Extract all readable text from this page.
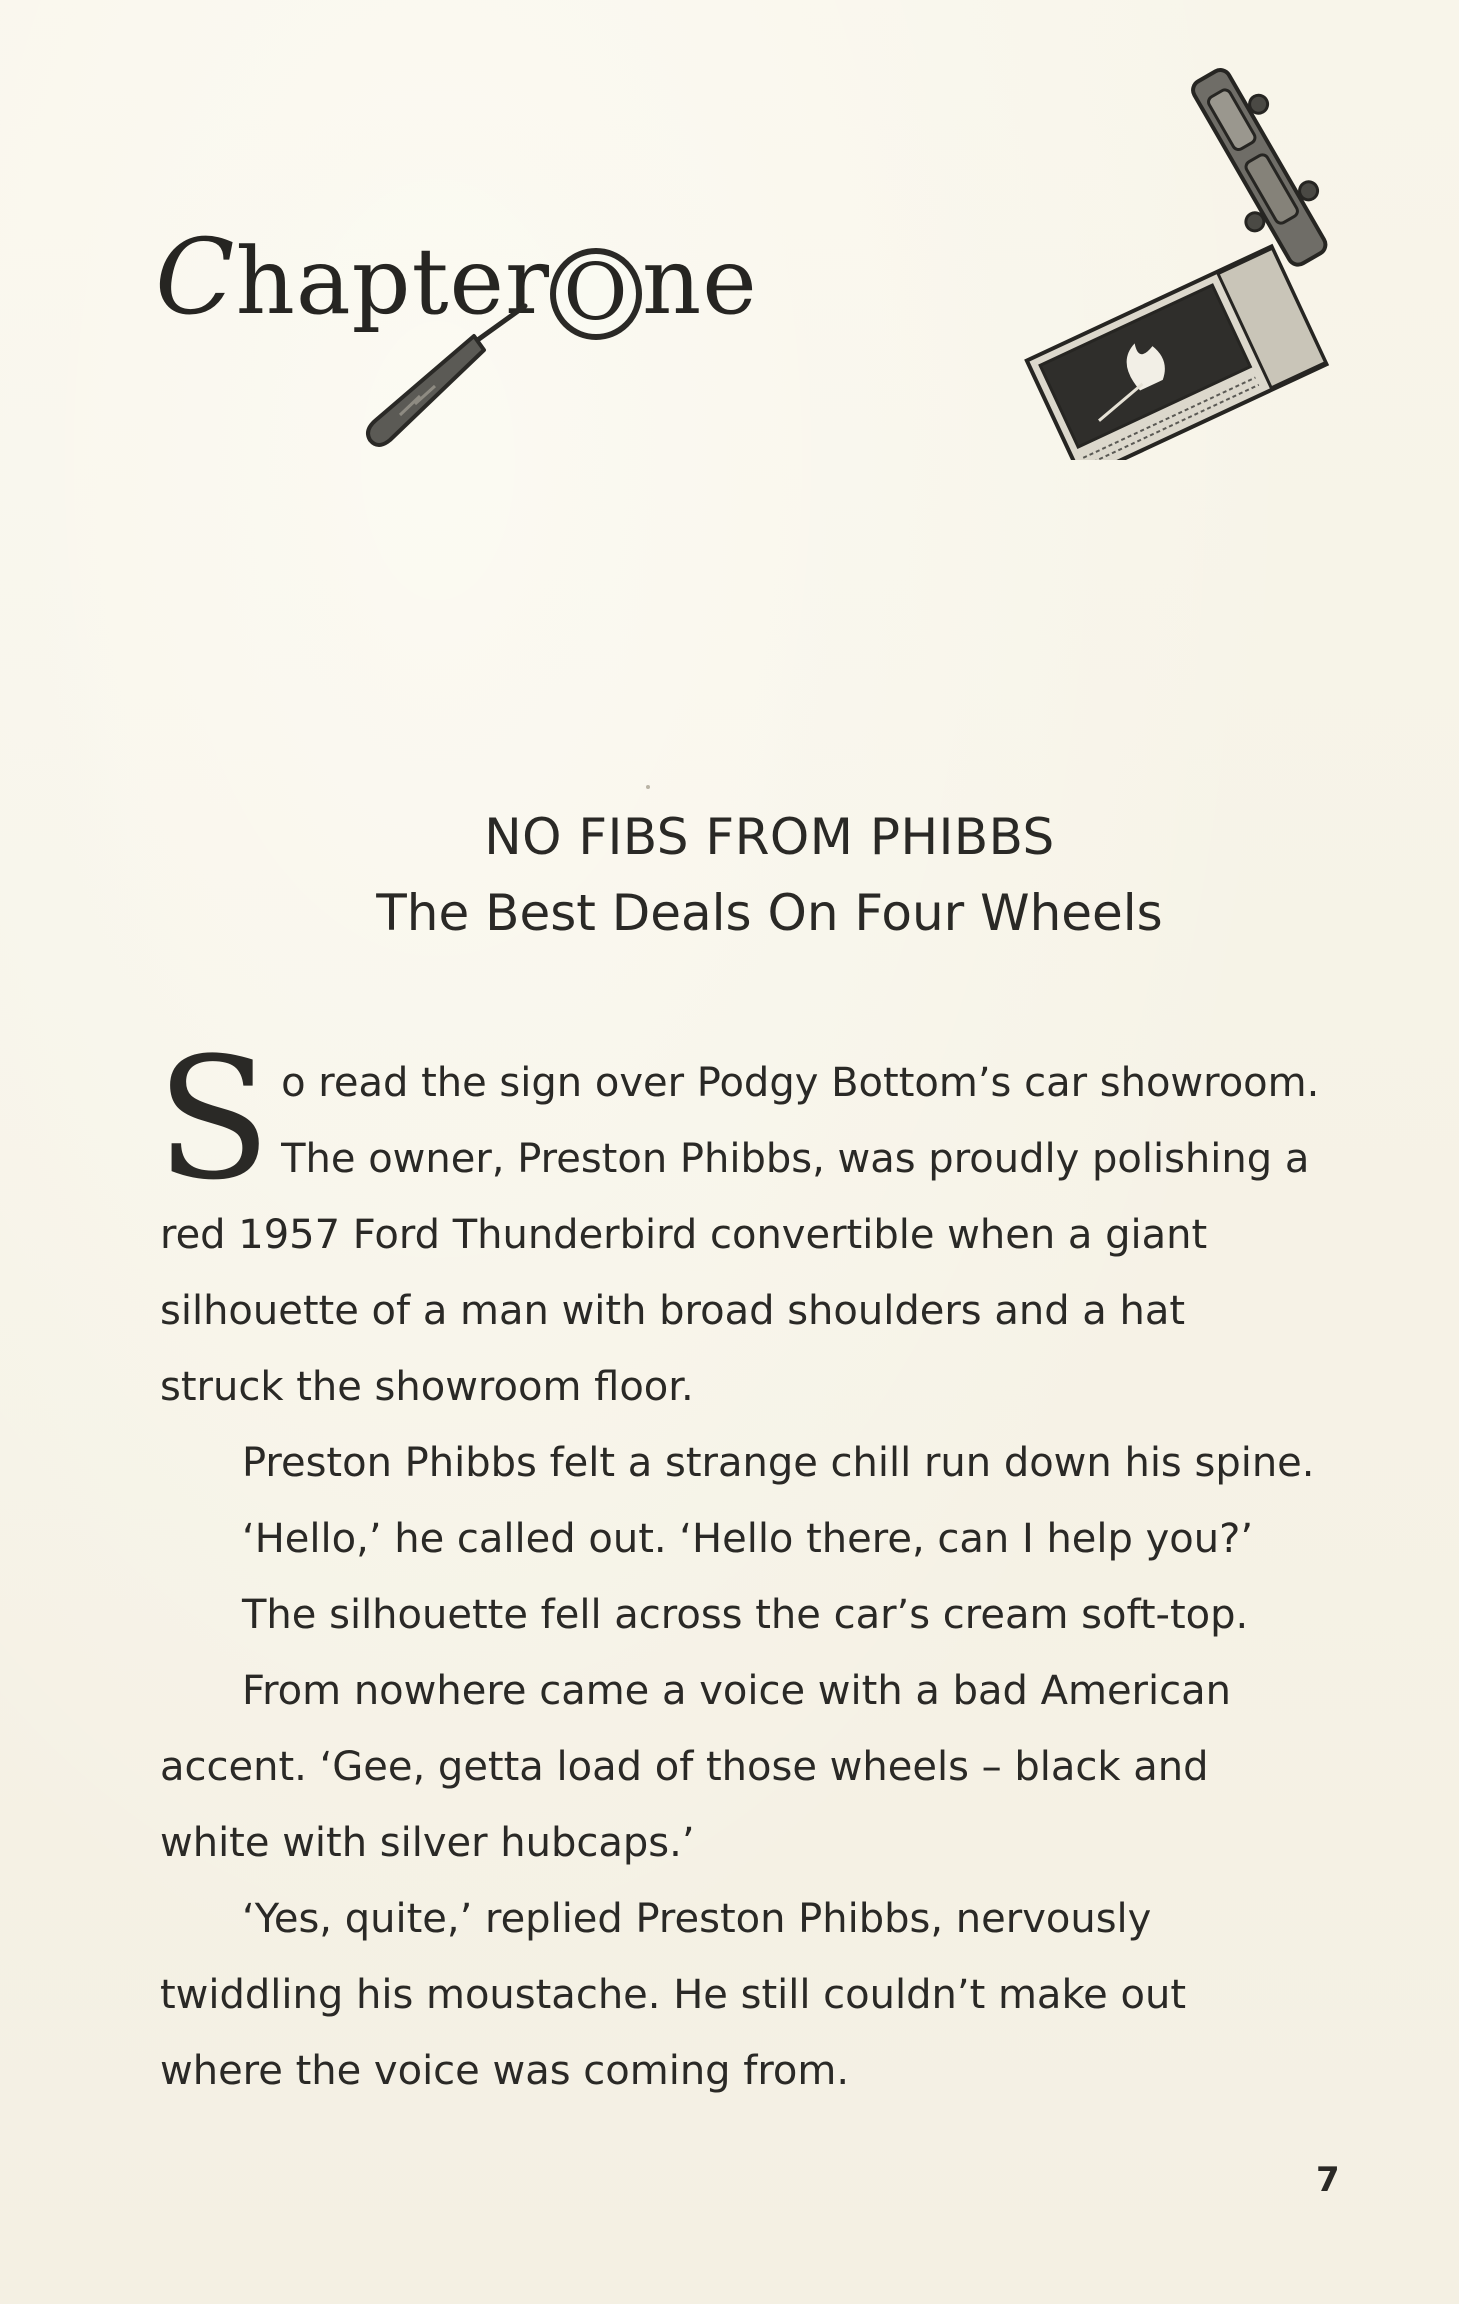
Chapter O ne
NO FIBS FROM PHIBBS
The Best Deals On Four Wheels

So read the sign over Podgy Bottom’s car showroom. The owner, Preston Phibbs, was proudly polishing a red 1957 Ford Thunderbird convertible when a giant silhouette of a man with broad shoulders and a hat struck the showroom floor.

Preston Phibbs felt a strange chill run down his spine.

‘Hello,’ he called out. ‘Hello there, can I help you?’

The silhouette fell across the car’s cream soft-top.

From nowhere came a voice with a bad American accent. ‘Gee, getta load of those wheels – black and white with silver hubcaps.’

‘Yes, quite,’ replied Preston Phibbs, nervously twiddling his moustache. He still couldn’t make out where the voice was coming from.

7
